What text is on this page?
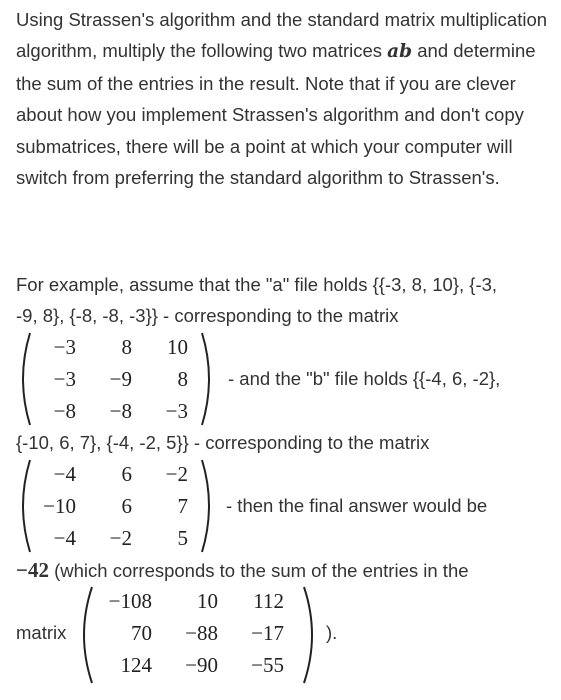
Using Strassen's algorithm and the standard matrix multiplication algorithm, multiply the following two matrices ab and determine the sum of the entries in the result. Note that if you are clever about how you implement Strassen's algorithm and don't copy submatrices, there will be a point at which your computer will switch from preferring the standard algorithm to Strassen's.

For example, assume that the "a" file holds {{-3, 8, 10}, {-3,
-9, 8}, {-8, -8, -3}} - corresponding to the matrix
−3	8	10
−3	−9	8
−8	−8	−3
- and the "b" file holds {{-4, 6, -2},
{-10, 6, 7}, {-4, -2, 5}} - corresponding to the matrix
−4	6	−2
−10	6	7
−4	−2	5
- then the final answer would be
−42 (which corresponds to the sum of the entries in the
matrix
−108	10	112
70	−88	−17
124	−90	−55
).
